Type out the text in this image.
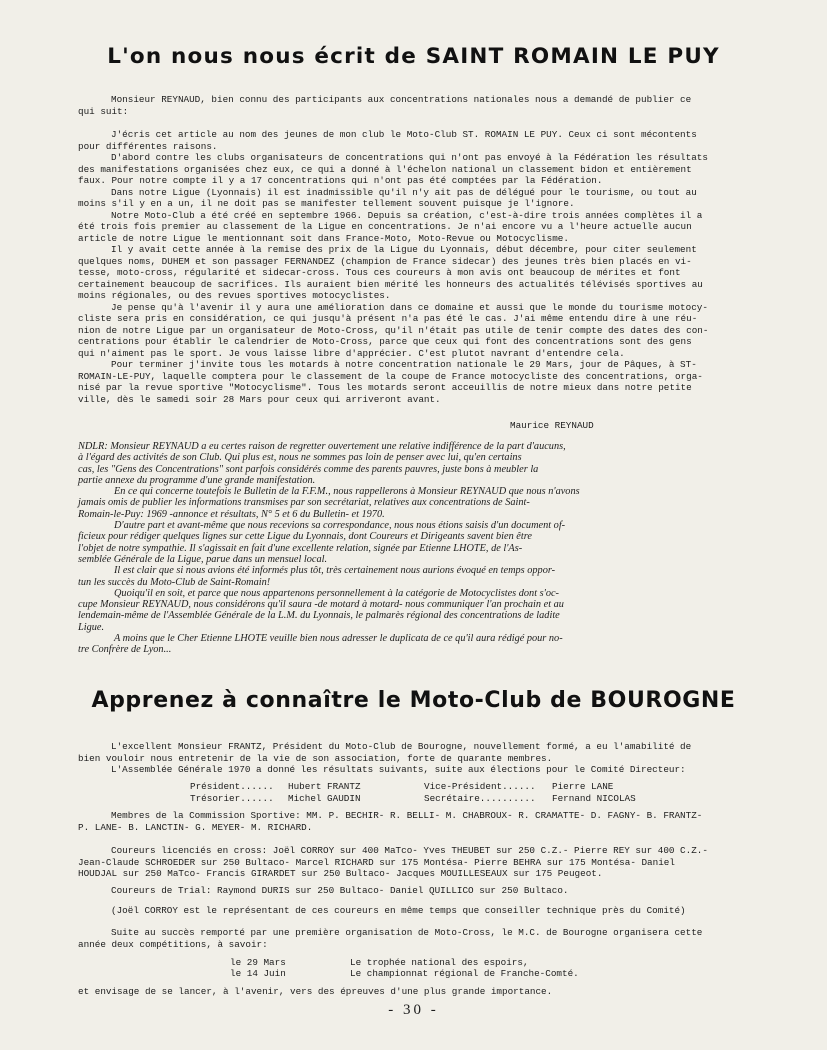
L'on nous nous écrit de SAINT ROMAIN LE PUY

Monsieur REYNAUD, bien connu des participants aux concentrations nationales nous a demandé de publier ce

qui suit:

J'écris cet article au nom des jeunes de mon club le Moto-Club ST. ROMAIN LE PUY. Ceux ci sont mécontents

pour différentes raisons.

D'abord contre les clubs organisateurs de concentrations qui n'ont pas envoyé à la Fédération les résultats

des manifestations organisées chez eux, ce qui a donné à l'échelon national un classement bidon et entièrement

faux. Pour notre compte il y a 17 concentrations qui n'ont pas été comptées par la Fédération.

Dans notre Ligue (Lyonnais) il est inadmissible qu'il n'y ait pas de délégué pour le tourisme, ou tout au

moins s'il y en a un, il ne doit pas se manifester tellement souvent puisque je l'ignore.

Notre Moto-Club a été créé en septembre 1966. Depuis sa création, c'est-à-dire trois années complètes il a

été trois fois premier au classement de la Ligue en concentrations. Je n'ai encore vu a l'heure actuelle aucun

article de notre Ligue le mentionnant soit dans France-Moto, Moto-Revue ou Motocyclisme.

Il y avait cette année à la remise des prix de la Ligue du Lyonnais, début décembre, pour citer seulement

quelques noms, DUHEM et son passager FERNANDEZ (champion de France sidecar) des jeunes très bien placés en vi-

tesse, moto-cross, régularité et sidecar-cross. Tous ces coureurs à mon avis ont beaucoup de mérites et font

certainement beaucoup de sacrifices. Ils auraient bien mérité les honneurs des actualités télévisés sportives au

moins régionales, ou des revues sportives motocyclistes.

Je pense qu'à l'avenir il y aura une amélioration dans ce domaine et aussi que le monde du tourisme motocy-

cliste sera pris en considération, ce qui jusqu'à présent n'a pas été le cas. J'ai même entendu dire à une réu-

nion de notre Ligue par un organisateur de Moto-Cross, qu'il n'était pas utile de tenir compte des dates des con-

centrations pour établir le calendrier de Moto-Cross, parce que ceux qui font des concentrations sont des gens

qui n'aiment pas le sport. Je vous laisse libre d'apprécier. C'est plutot navrant d'entendre cela.

Pour terminer j'invite tous les motards à notre concentration nationale le 29 Mars, jour de Pâques, à ST-

ROMAIN-LE-PUY, laquelle comptera pour le classement de la coupe de France motocycliste des concentrations, orga-

nisé par la revue sportive "Motocyclisme". Tous les motards seront acceuillis de notre mieux dans notre petite

ville, dès le samedi soir 28 Mars pour ceux qui arriveront avant.

Maurice REYNAUD

NDLR: Monsieur REYNAUD a eu certes raison de regretter ouvertement une relative indifférence de la part d'aucuns,

à l'égard des activités de son Club. Qui plus est, nous ne sommes pas loin de penser avec lui, qu'en certains

cas, les "Gens des Concentrations" sont parfois considérés comme des parents pauvres, juste bons à meubler la

partie annexe du programme d'une grande manifestation.

En ce qui concerne toutefois le Bulletin de la F.F.M., nous rappellerons à Monsieur REYNAUD que nous n'avons

jamais omis de publier les informations transmises par son secrétariat, relatives aux concentrations de Saint-

Romain-le-Puy: 1969 -annonce et résultats, N° 5 et 6 du Bulletin- et 1970.

D'autre part et avant-même que nous recevions sa correspondance, nous nous étions saisis d'un document of-

ficieux pour rédiger quelques lignes sur cette Ligue du Lyonnais, dont Coureurs et Dirigeants savent bien être

l'objet de notre sympathie. Il s'agissait en fait d'une excellente relation, signée par Etienne LHOTE, de l'As-

semblée Générale de la Ligue, parue dans un mensuel local.

Il est clair que si nous avions été informés plus tôt, très certainement nous aurions évoqué en temps oppor-

tun les succès du Moto-Club de Saint-Romain!

Quoiqu'il en soit, et parce que nous appartenons personnellement à la catégorie de Motocyclistes dont s'oc-

cupe Monsieur REYNAUD, nous considérons qu'il saura -de motard à motard- nous communiquer l'an prochain et au

lendemain-même de l'Assemblée Générale de la L.M. du Lyonnais, le palmarès régional des concentrations de ladite

Ligue.

A moins que le Cher Etienne LHOTE veuille bien nous adresser le duplicata de ce qu'il aura rédigé pour no-

tre Confrère de Lyon...

Apprenez à connaître le Moto-Club de BOUROGNE

L'excellent Monsieur FRANTZ, Président du Moto-Club de Bourogne, nouvellement formé, a eu l'amabilité de

bien vouloir nous entretenir de la vie de son association, forte de quarante membres.

L'Assemblée Générale 1970 a donné les résultats suivants, suite aux élections pour le Comité Directeur:

Président...... Hubert FRANTZ	Vice-Président...... Pierre LANE
Trésorier...... Michel GAUDIN	Secrétaire.......... Fernand NICOLAS

Membres de la Commission Sportive: MM. P. BECHIR- R. BELLI- M. CHABROUX- R. CRAMATTE- D. FAGNY- B. FRANTZ-

P. LANE- B. LANCTIN- G. MEYER- M. RICHARD.

Coureurs licenciés en cross: Joël CORROY sur 400 MaTco- Yves THEUBET sur 250 C.Z.- Pierre REY sur 400 C.Z.-

Jean-Claude SCHROEDER sur 250 Bultaco- Marcel RICHARD sur 175 Montésa- Pierre BEHRA sur 175 Montésa- Daniel

HOUDJAL sur 250 MaTco- Francis GIRARDET sur 250 Bultaco- Jacques MOUILLESEAUX sur 175 Peugeot.

Coureurs de Trial: Raymond DURIS sur 250 Bultaco- Daniel QUILLICO sur 250 Bultaco.

(Joël CORROY est le représentant de ces coureurs en même temps que conseiller technique près du Comité)

Suite au succès remporté par une première organisation de Moto-Cross, le M.C. de Bourogne organisera cette

année deux compétitions, à savoir:

le 29 Mars	Le trophée national des espoirs,
le 14 Juin	Le championnat régional de Franche-Comté.

et envisage de se lancer, à l'avenir, vers des épreuves d'une plus grande importance.

- 30 -
